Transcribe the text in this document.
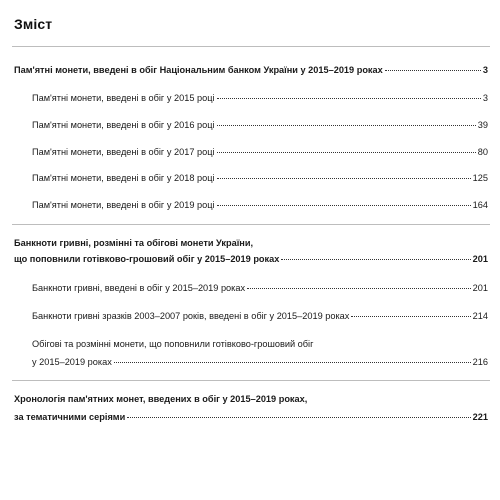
Зміст
Пам'ятні монети, введені в обіг Національним банком України у 2015–2019 роках	3
Пам'ятні монети, введені в обіг у 2015 році	3
Пам'ятні монети, введені в обіг у 2016 році	39
Пам'ятні монети, введені в обіг у 2017 році	80
Пам'ятні монети, введені в обіг у 2018 році	125
Пам'ятні монети, введені в обіг у 2019 році	164
Банкноти гривні, розмінні та обігові монети України,
що поповнили готівково-грошовий обіг у 2015–2019 роках	201
Банкноти гривні, введені в обіг у 2015–2019 роках	201
Банкноти гривні зразків 2003–2007 років, введені в обіг у 2015–2019 роках	214
Обігові та розмінні монети, що поповнили готівково-грошовий обіг
у 2015–2019 роках	216
Хронологія пам'ятних монет, введених в обіг у 2015–2019 роках,
за тематичними серіями	221
